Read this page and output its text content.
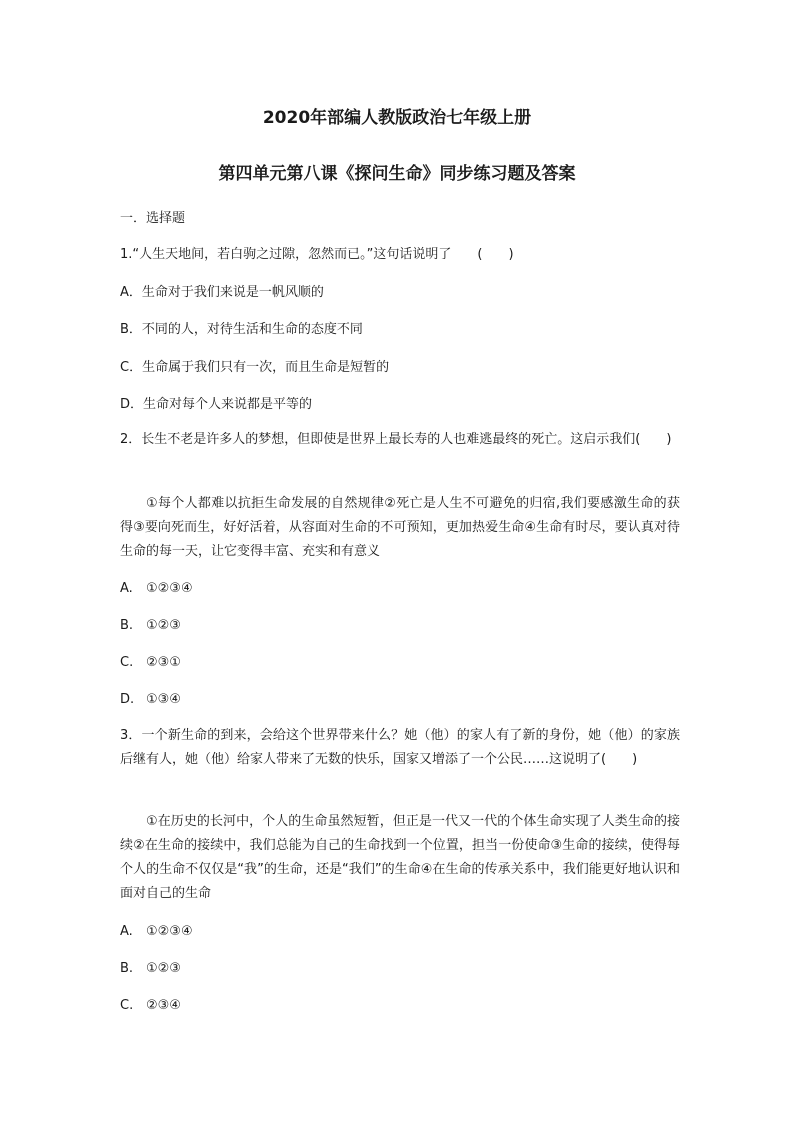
2020年部编人教版政治七年级上册
第四单元第八课《探问生命》同步练习题及答案

一．选择题

1.“人生天地间，若白驹之过隙，忽然而已。”这句话说明了　　(　　)

A．生命对于我们来说是一帆风顺的

B．不同的人，对待生活和生命的态度不同

C．生命属于我们只有一次，而且生命是短暂的

D．生命对每个人来说都是平等的

2．长生不老是许多人的梦想，但即使是世界上最长寿的人也难逃最终的死亡。这启示我们(　　)

①每个人都难以抗拒生命发展的自然规律②死亡是人生不可避免的归宿,我们要感激生命的获得③要向死而生，好好活着，从容面对生命的不可预知，更加热爱生命④生命有时尽，要认真对待生命的每一天，让它变得丰富、充实和有意义

A. ①②③④

B. ①②③

C. ②③①

D. ①③④

3．一个新生命的到来，会给这个世界带来什么？她（他）的家人有了新的身份，她（他）的家族后继有人，她（他）给家人带来了无数的快乐，国家又增添了一个公民……这说明了(　　)

①在历史的长河中，个人的生命虽然短暂，但正是一代又一代的个体生命实现了人类生命的接续②在生命的接续中，我们总能为自己的生命找到一个位置，担当一份使命③生命的接续，使得每个人的生命不仅仅是“我”的生命，还是“我们”的生命④在生命的传承关系中，我们能更好地认识和面对自己的生命

A. ①②③④

B. ①②③

C. ②③④
